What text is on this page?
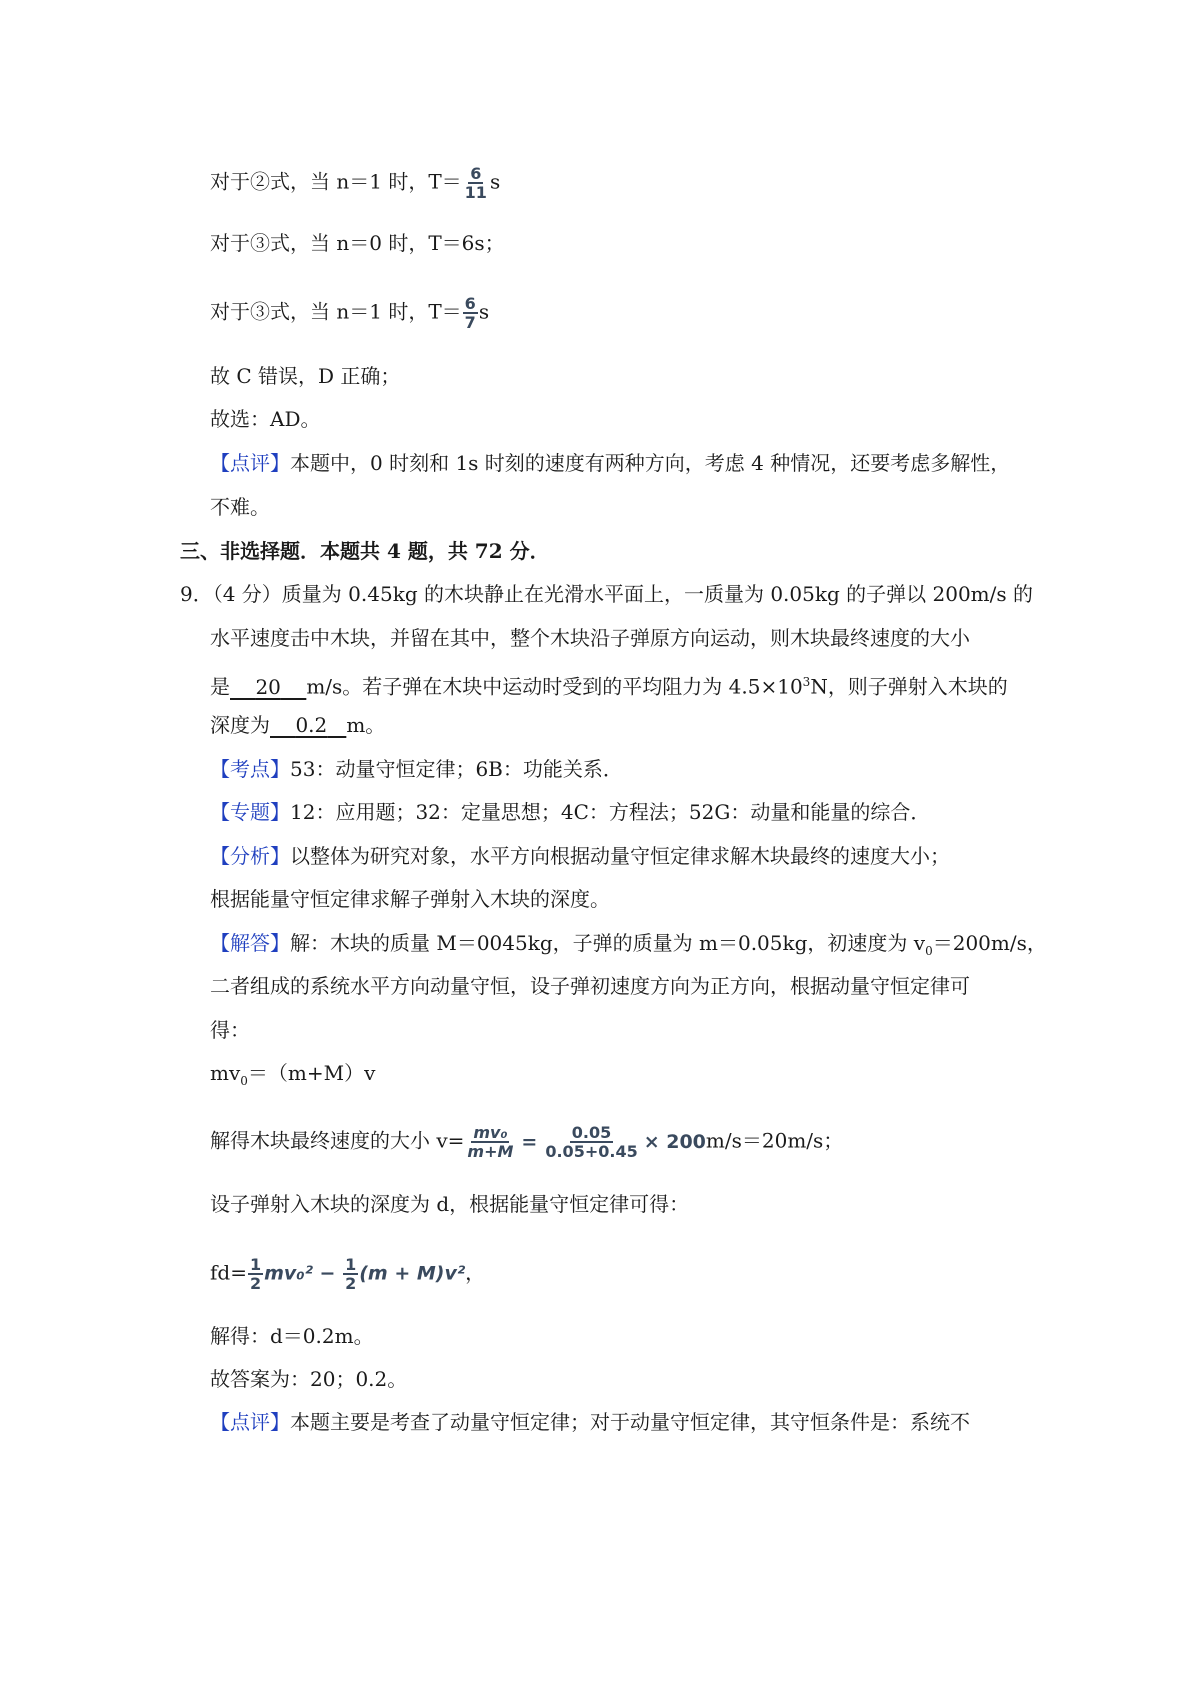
对于②式，当 n＝1 时，$T= \frac{6}{11}$ s
对于③式，当 n＝0 时，T＝6s；
对于③式，当 n＝1 时，$T= \frac{6}{7}$ s
故 C 错误，D 正确；
故选：AD。
【点评】本题中，0 时刻和 1s 时刻的速度有两种方向，考虑 4 种情况，还要考虑多解性，
不难。
三、非选择题．本题共 4 题，共 72 分．
9．（4 分）质量为 0.45kg 的木块静止在光滑水平面上，一质量为 0.05kg 的子弹以 200m/s 的
水平速度击中木块，并留在其中，整个木块沿子弹原方向运动，则木块最终速度的大小
是 20 m/s。若子弹在木块中运动时受到的平均阻力为 $4.5\times 10^3N$，则子弹射入木块的
深度为 0.2 m。
【考点】53：动量守恒定律；6B：功能关系．
【专题】12：应用题；32：定量思想；4C：方程法；52G：动量和能量的综合．
【分析】以整体为研究对象，水平方向根据动量守恒定律求解木块最终的速度大小；
根据能量守恒定律求解子弹射入木块的深度。
【解答】解：木块的质量 M＝0045kg，子弹的质量为 m＝0.05kg，初速度为 $v_0=200m/s$，
二者组成的系统水平方向动量守恒，设子弹初速度方向为正方向，根据动量守恒定律可
得：
$mv_0=(m+M)v$
解得木块最终速度的大小 $v= \frac{\text{mv₀}}{m+M} = \frac{0.05}{0.05+0.45} \times 200m/s=20m/s$；
设子弹射入木块的深度为 d，根据能量守恒定律可得：
$fd= \frac{1}{2} mv_0^2 - \frac{1}{2} (m + M)v^2$，
解得：d＝0.2m。
故答案为：20；0.2。
【点评】本题主要是考查了动量守恒定律；对于动量守恒定律，其守恒条件是：系统不
